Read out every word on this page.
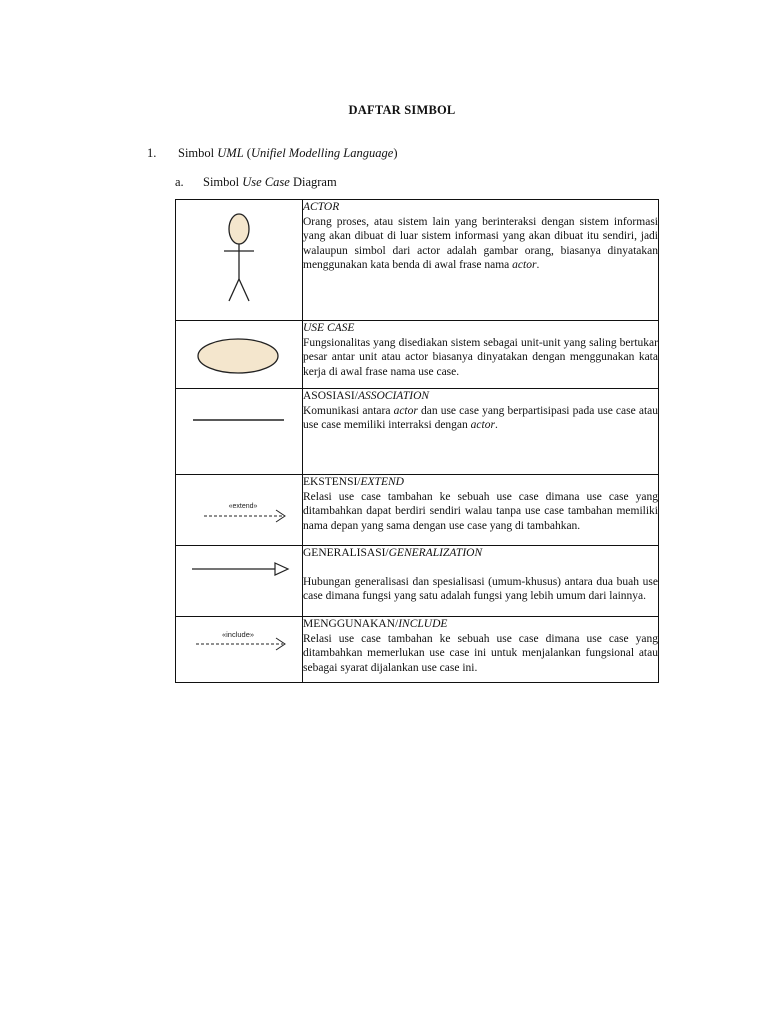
DAFTAR SIMBOL
1. Simbol UML (Unifiel Modelling Language)
a. Simbol Use Case Diagram

ACTOR
Orang proses, atau sistem lain yang berinteraksi dengan sistem informasi yang akan dibuat di luar sistem informasi yang akan dibuat itu sendiri, jadi walaupun simbol dari actor adalah gambar orang, biasanya dinyatakan menggunakan kata benda di awal frase nama actor.

USE CASE
Fungsionalitas yang disediakan sistem sebagai unit-unit yang saling bertukar pesar antar unit atau actor biasanya dinyatakan dengan menggunakan kata kerja di awal frase nama use case.

ASOSIASI/ASSOCIATION
Komunikasi antara actor dan use case yang berpartisipasi pada use case atau use case memiliki interraksi dengan actor.

«extend»	EKSTENSI/EXTEND
Relasi use case tambahan ke sebuah use case dimana use case yang ditambahkan dapat berdiri sendiri walau tanpa use case tambahan memiliki nama depan yang sama dengan use case yang di tambahkan.

GENERALISASI/GENERALIZATION
Hubungan generalisasi dan spesialisasi (umum-khusus) antara dua buah use case dimana fungsi yang satu adalah fungsi yang lebih umum dari lainnya.

«include»	MENGGUNAKAN/INCLUDE
Relasi use case tambahan ke sebuah use case dimana use case yang ditambahkan memerlukan use case ini untuk menjalankan fungsional atau sebagai syarat dijalankan use case ini.
